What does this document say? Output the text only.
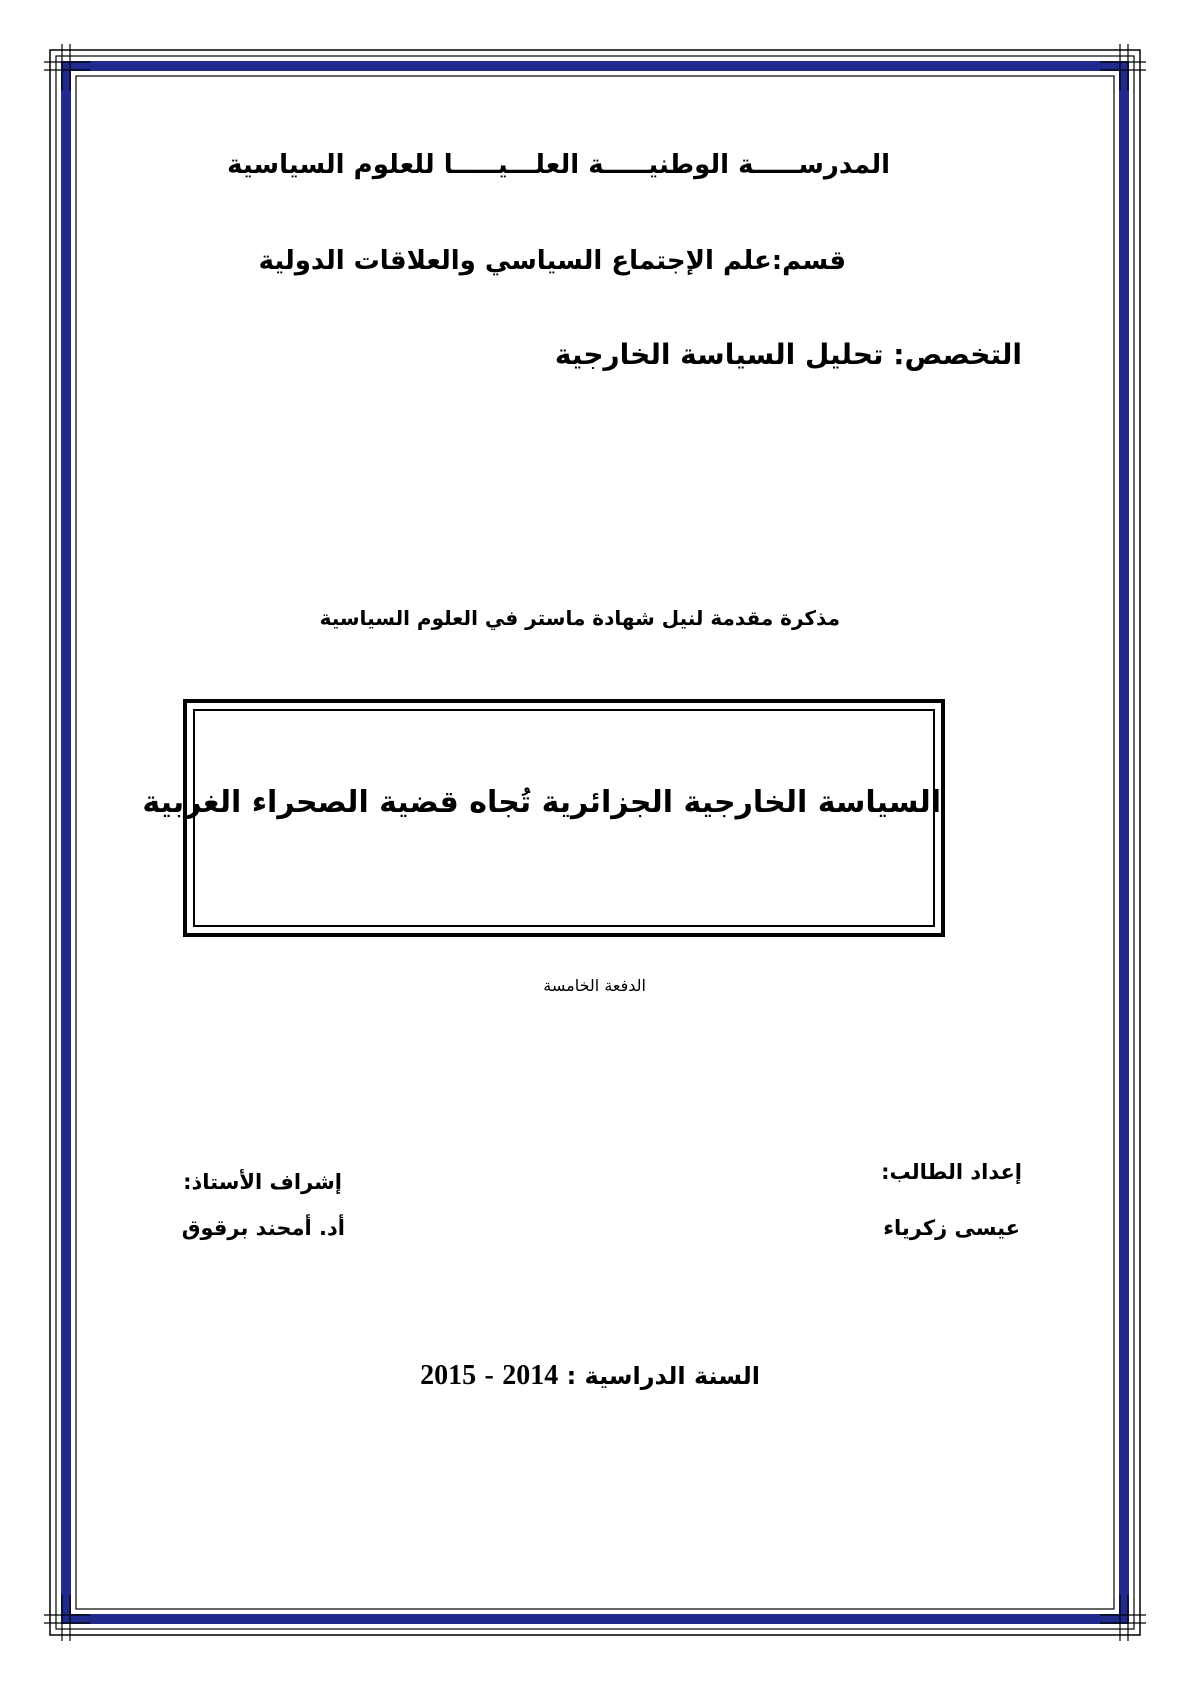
المدرســـــة الوطنيـــــة العلـــيـــــا للعلوم السياسية
قسم:علم الإجتماع السياسي والعلاقات الدولية
التخصص: تحليل السياسة الخارجية
مذكرة مقدمة لنيل شهادة ماستر في العلوم السياسية
السياسة الخارجية الجزائرية تُجاه قضية الصحراء الغربية
الدفعة الخامسة
إعداد الطالب:
إشراف الأستاذ:
عيسى زكرياء
أد. أمحند برقوق
السنة الدراسية : 2014 - 2015
